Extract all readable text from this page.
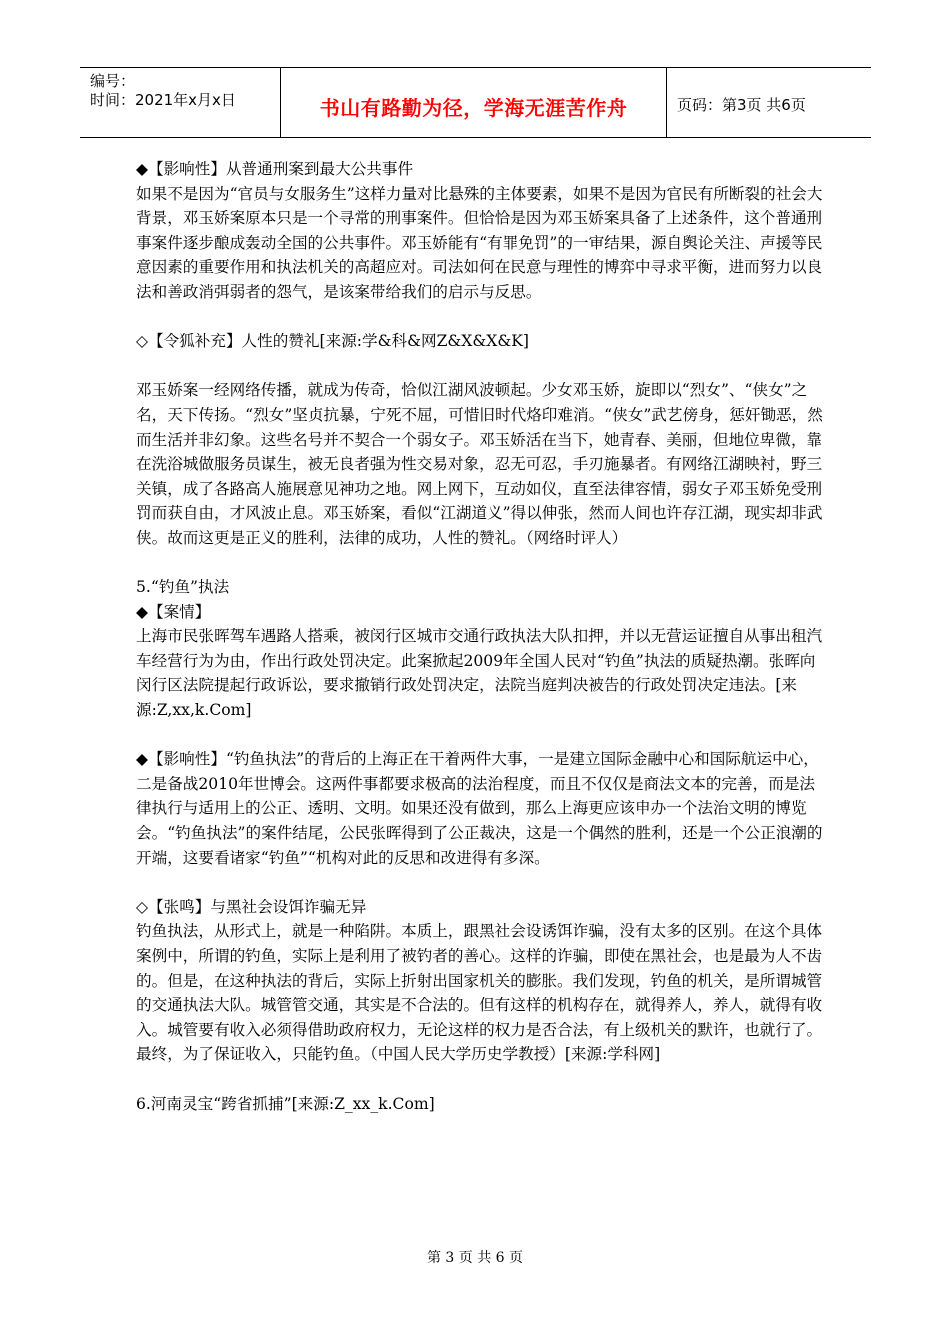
编号：
时间：2021年x月x日	书山有路勤为径，学海无涯苦作舟	页码：第3页 共6页

◆【影响性】从普通刑案到最大公共事件

如果不是因为“官员与女服务生”这样力量对比悬殊的主体要素，如果不是因为官民有所断裂的社会大背景，邓玉娇案原本只是一个寻常的刑事案件。但恰恰是因为邓玉娇案具备了上述条件，这个普通刑事案件逐步酿成轰动全国的公共事件。邓玉娇能有“有罪免罚”的一审结果，源自舆论关注、声援等民意因素的重要作用和执法机关的高超应对。司法如何在民意与理性的博弈中寻求平衡，进而努力以良法和善政消弭弱者的怨气，是该案带给我们的启示与反思。

◇【令狐补充】人性的赞礼[来源:学&科&网Z&X&X&K]

邓玉娇案一经网络传播，就成为传奇，恰似江湖风波顿起。少女邓玉娇，旋即以“烈女”、“侠女”之名，天下传扬。“烈女”坚贞抗暴，宁死不屈，可惜旧时代烙印难消。“侠女”武艺傍身，惩奸锄恶，然而生活并非幻象。这些名号并不契合一个弱女子。邓玉娇活在当下，她青春、美丽，但地位卑微，靠在洗浴城做服务员谋生，被无良者强为性交易对象，忍无可忍，手刃施暴者。有网络江湖映衬，野三关镇，成了各路高人施展意见神功之地。网上网下，互动如仪，直至法律容情，弱女子邓玉娇免受刑罚而获自由，才风波止息。邓玉娇案，看似“江湖道义”得以伸张，然而人间也许存江湖，现实却非武侠。故而这更是正义的胜利，法律的成功，人性的赞礼。（网络时评人）

5.“钓鱼”执法

◆【案情】

上海市民张晖驾车遇路人搭乘，被闵行区城市交通行政执法大队扣押，并以无营运证擅自从事出租汽车经营行为为由，作出行政处罚决定。此案掀起2009年全国人民对“钓鱼”执法的质疑热潮。张晖向闵行区法院提起行政诉讼，要求撤销行政处罚决定，法院当庭判决被告的行政处罚决定违法。[来源:Z,xx,k.Com]

◆【影响性】“钓鱼执法”的背后的上海正在干着两件大事，一是建立国际金融中心和国际航运中心，二是备战2010年世博会。这两件事都要求极高的法治程度，而且不仅仅是商法文本的完善，而是法律执行与适用上的公正、透明、文明。如果还没有做到，那么上海更应该申办一个法治文明的博览会。“钓鱼执法”的案件结尾，公民张晖得到了公正裁决，这是一个偶然的胜利，还是一个公正浪潮的开端，这要看诸家“钓鱼”“机构对此的反思和改进得有多深。

◇【张鸣】与黑社会设饵诈骗无异

钓鱼执法，从形式上，就是一种陷阱。本质上，跟黑社会设诱饵诈骗，没有太多的区别。在这个具体案例中，所谓的钓鱼，实际上是利用了被钓者的善心。这样的诈骗，即使在黑社会，也是最为人不齿的。但是，在这种执法的背后，实际上折射出国家机关的膨胀。我们发现，钓鱼的机关，是所谓城管的交通执法大队。城管管交通，其实是不合法的。但有这样的机构存在，就得养人，养人，就得有收入。城管要有收入必须得借助政府权力，无论这样的权力是否合法，有上级机关的默许，也就行了。最终，为了保证收入，只能钓鱼。（中国人民大学历史学教授）[来源:学科网]

6.河南灵宝“跨省抓捕”[来源:Z_xx_k.Com]

第 3 页 共 6 页
